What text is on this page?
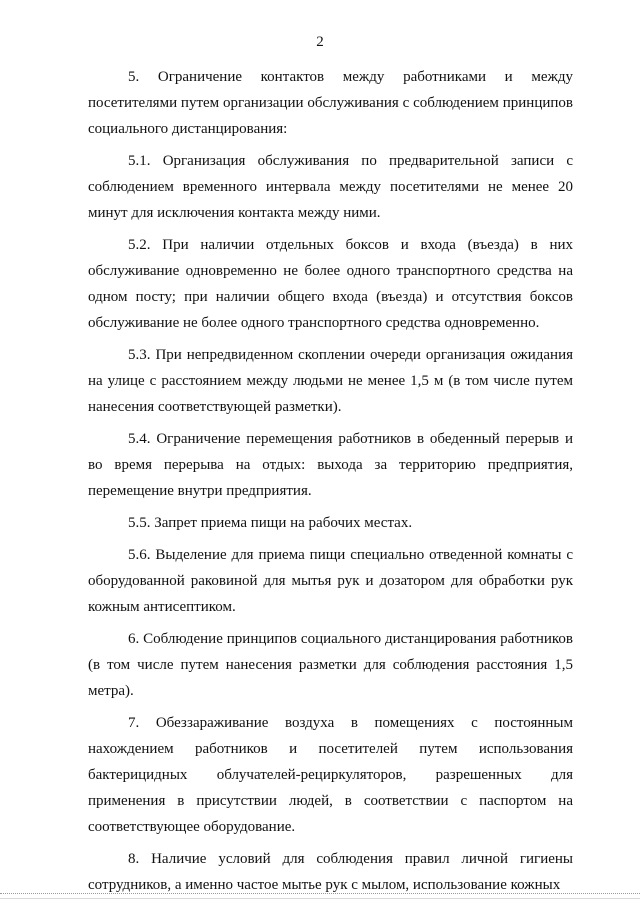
2

5. Ограничение контактов между работниками и между посетителями путем организации обслуживания с соблюдением принципов социального дистанцирования:

5.1. Организация обслуживания по предварительной записи с соблюдением временного интервала между посетителями не менее 20 минут для исключения контакта между ними.

5.2. При наличии отдельных боксов и входа (въезда) в них обслуживание одновременно не более одного транспортного средства на одном посту; при наличии общего входа (въезда) и отсутствия боксов обслуживание не более одного транспортного средства одновременно.

5.3. При непредвиденном скоплении очереди организация ожидания на улице с расстоянием между людьми не менее 1,5 м (в том числе путем нанесения соответствующей разметки).

5.4. Ограничение перемещения работников в обеденный перерыв и во время перерыва на отдых: выхода за территорию предприятия, перемещение внутри предприятия.

5.5. Запрет приема пищи на рабочих местах.

5.6. Выделение для приема пищи специально отведенной комнаты с оборудованной раковиной для мытья рук и дозатором для обработки рук кожным антисептиком.

6. Соблюдение принципов социального дистанцирования работников (в том числе путем нанесения разметки для соблюдения расстояния 1,5 метра).

7. Обеззараживание воздуха в помещениях с постоянным нахождением работников и посетителей путем использования бактерицидных облучателей-рециркуляторов, разрешенных для применения в присутствии людей, в соответствии с паспортом на соответствующее оборудование.

8. Наличие условий для соблюдения правил личной гигиены сотрудников, а именно частое мытье рук с мылом, использование кожных
